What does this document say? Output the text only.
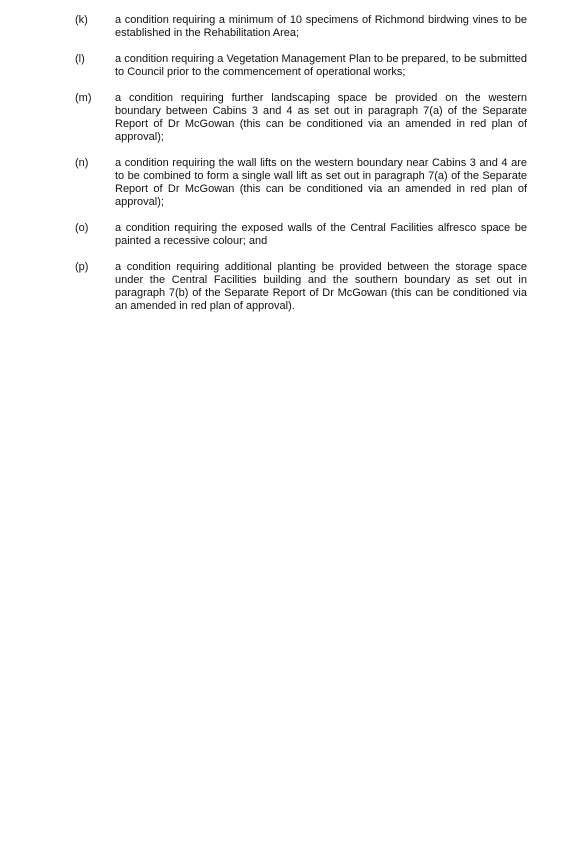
(k) a condition requiring a minimum of 10 specimens of Richmond birdwing vines to be established in the Rehabilitation Area;
(l)	a condition requiring a Vegetation Management Plan to be prepared, to be submitted to Council prior to the commencement of operational works;
(m) a condition requiring further landscaping space be provided on the western boundary between Cabins 3 and 4 as set out in paragraph 7(a) of the Separate Report of Dr McGowan (this can be conditioned via an amended in red plan of approval);
(n) a condition requiring the wall lifts on the western boundary near Cabins 3 and 4 are to be combined to form a single wall lift as set out in paragraph 7(a) of the Separate Report of Dr McGowan (this can be conditioned via an amended in red plan of approval);
(o) a condition requiring the exposed walls of the Central Facilities alfresco space be painted a recessive colour; and
(p) a condition requiring additional planting be provided between the storage space under the Central Facilities building and the southern boundary as set out in paragraph 7(b) of the Separate Report of Dr McGowan (this can be conditioned via an amended in red plan of approval).
